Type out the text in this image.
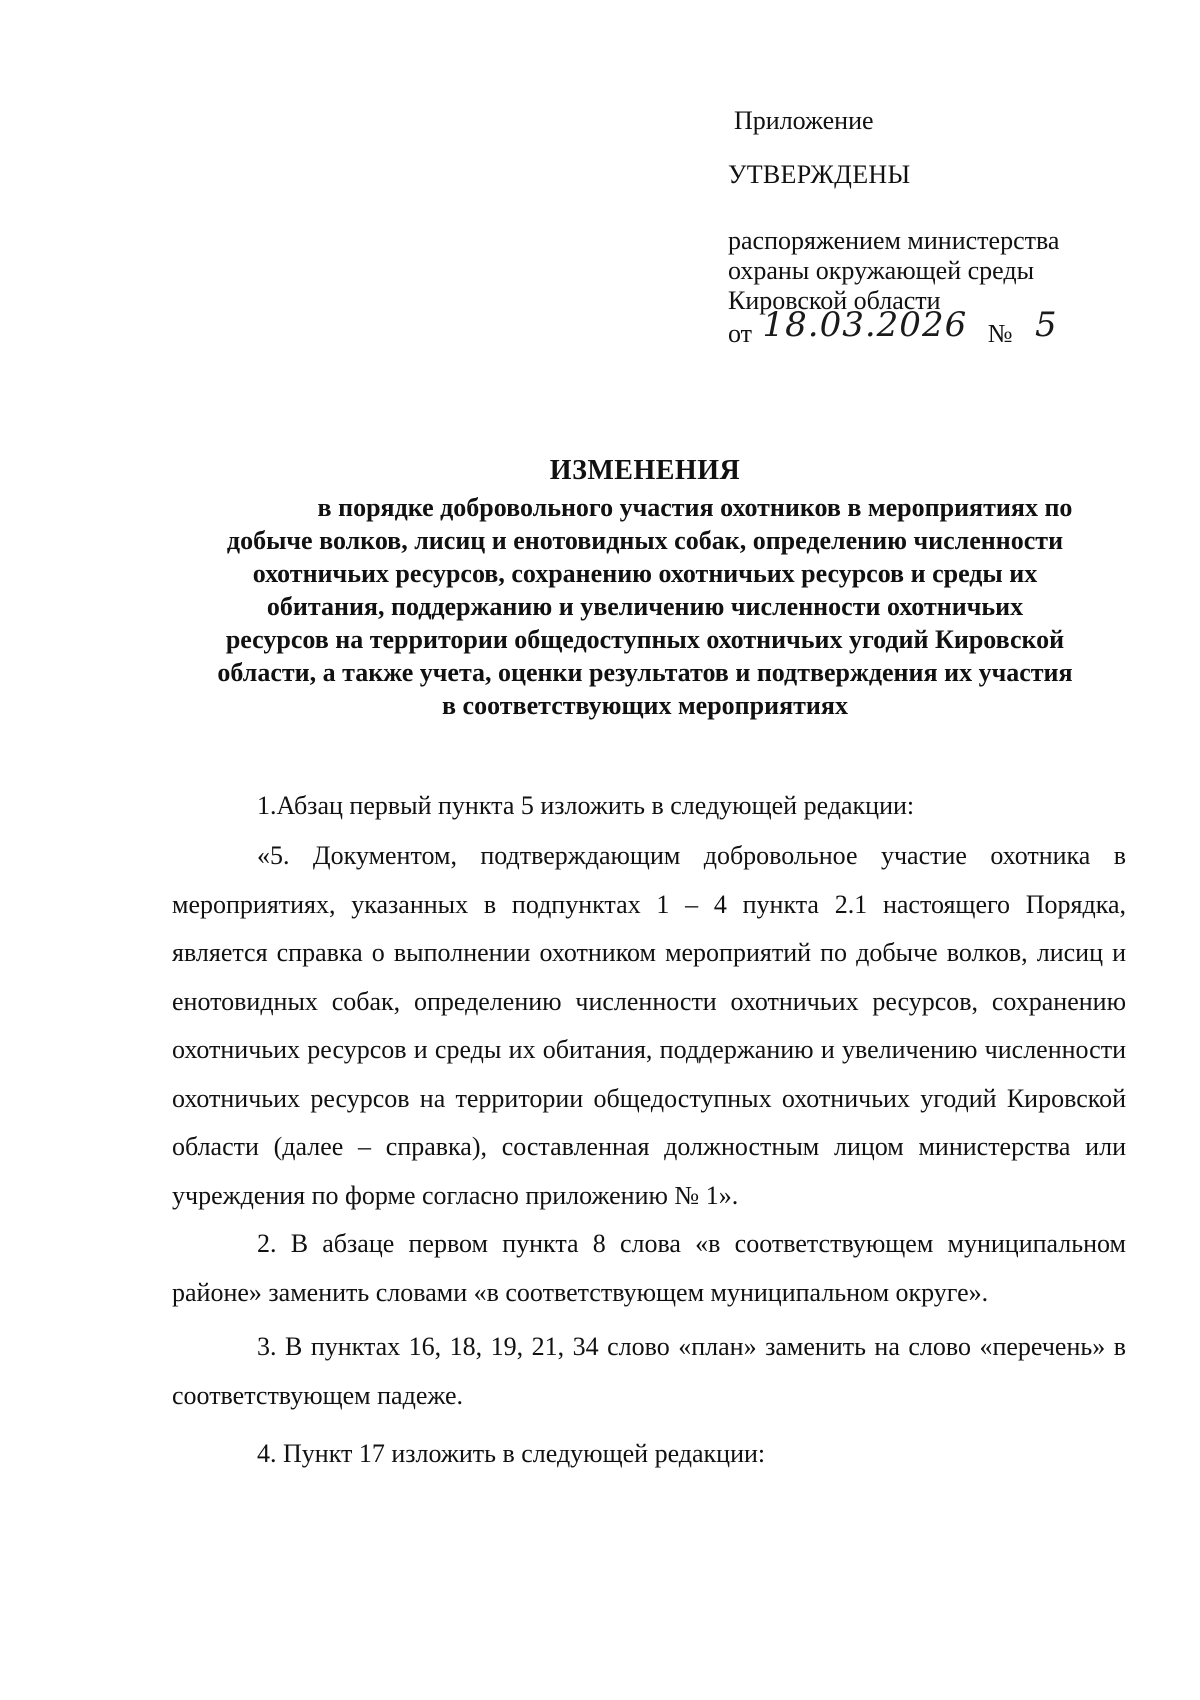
Приложение

УТВЕРЖДЕНЫ

распоряжением министерства

охраны окружающей среды

Кировской области

от 18.03.2026 № 5

ИЗМЕНЕНИЯ

в порядке добровольного участия охотников в мероприятиях по
добыче волков, лисиц и енотовидных собак, определению численности
охотничьих ресурсов, сохранению охотничьих ресурсов и среды их
обитания, поддержанию и увеличению численности охотничьих
ресурсов на территории общедоступных охотничьих угодий Кировской
области, а также учета, оценки результатов и подтверждения их участия
в соответствующих мероприятиях

1.Абзац первый пункта 5 изложить в следующей редакции:

«5. Документом, подтверждающим добровольное участие охотника в мероприятиях, указанных в подпунктах 1 – 4 пункта 2.1 настоящего Порядка, является справка о выполнении охотником мероприятий по добыче волков, лисиц и енотовидных собак, определению численности охотничьих ресурсов, сохранению охотничьих ресурсов и среды их обитания, поддержанию и увеличению численности охотничьих ресурсов на территории общедоступных охотничьих угодий Кировской области (далее – справка), составленная должностным лицом министерства или учреждения по форме согласно приложению № 1».

2. В абзаце первом пункта 8 слова «в соответствующем муниципальном районе» заменить словами «в соответствующем муниципальном округе».

3. В пунктах 16, 18, 19, 21, 34 слово «план» заменить на слово «перечень» в соответствующем падеже.

4. Пункт 17 изложить в следующей редакции:
